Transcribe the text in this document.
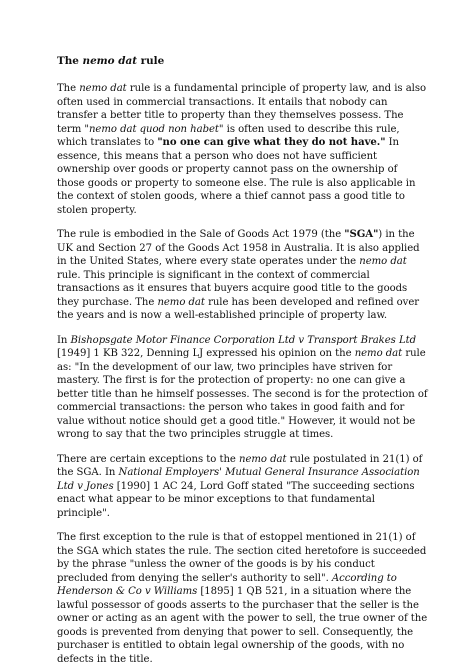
The nemo dat rule

The nemo dat rule is a fundamental principle of property law, and is also often used in commercial transactions. It entails that nobody can transfer a better title to property than they themselves possess. The term "nemo dat quod non habet" is often used to describe this rule, which translates to "no one can give what they do not have." In essence, this means that a person who does not have sufficient ownership over goods or property cannot pass on the ownership of those goods or property to someone else. The rule is also applicable in the context of stolen goods, where a thief cannot pass a good title to stolen property.

The rule is embodied in the Sale of Goods Act 1979 (the "SGA") in the UK and Section 27 of the Goods Act 1958 in Australia. It is also applied in the United States, where every state operates under the nemo dat rule. This principle is significant in the context of commercial transactions as it ensures that buyers acquire good title to the goods they purchase. The nemo dat rule has been developed and refined over the years and is now a well-established principle of property law.

In Bishopsgate Motor Finance Corporation Ltd v Transport Brakes Ltd [1949] 1 KB 322, Denning LJ expressed his opinion on the nemo dat rule as: "In the development of our law, two principles have striven for mastery. The first is for the protection of property: no one can give a better title than he himself possesses. The second is for the protection of commercial transactions: the person who takes in good faith and for value without notice should get a good title." However, it would not be wrong to say that the two principles struggle at times.

There are certain exceptions to the nemo dat rule postulated in 21(1) of the SGA. In National Employers' Mutual General Insurance Association Ltd v Jones [1990] 1 AC 24, Lord Goff stated "The succeeding sections enact what appear to be minor exceptions to that fundamental principle".

The first exception to the rule is that of estoppel mentioned in 21(1) of the SGA which states the rule. The section cited heretofore is succeeded by the phrase "unless the owner of the goods is by his conduct precluded from denying the seller's authority to sell". According to Henderson & Co v Williams [1895] 1 QB 521, in a situation where the lawful possessor of goods asserts to the purchaser that the seller is the owner or acting as an agent with the power to sell, the true owner of the goods is prevented from denying that power to sell. Consequently, the purchaser is entitled to obtain legal ownership of the goods, with no defects in the title.
